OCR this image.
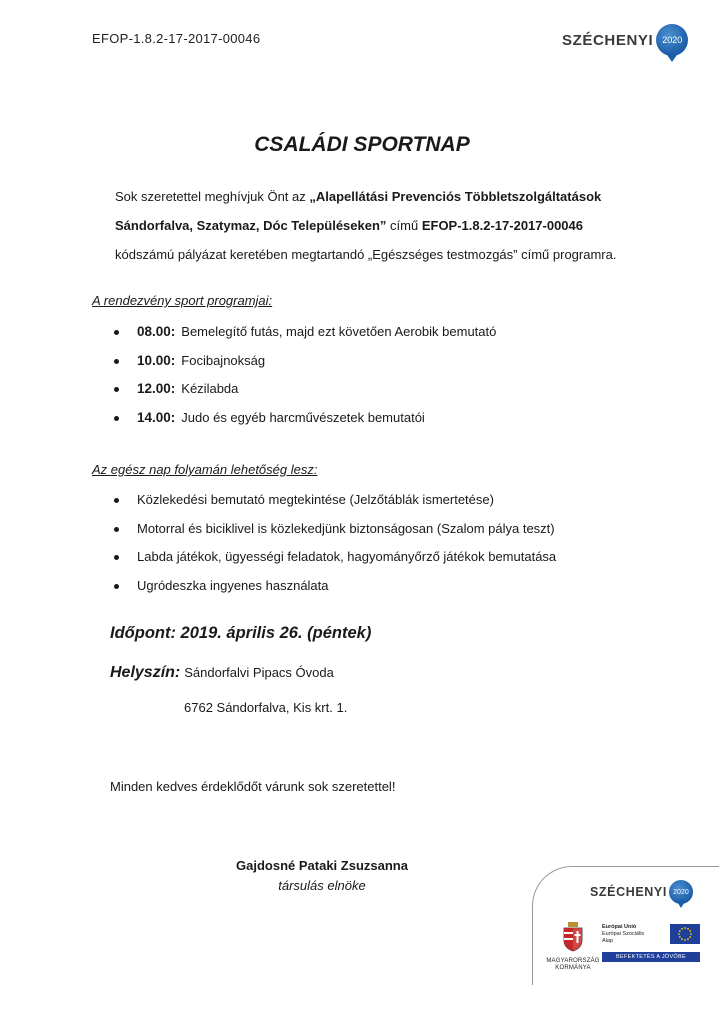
EFOP-1.8.2-17-2017-00046	SZÉCHENYI 2020
CSALÁDI SPORTNAP

Sok szeretettel meghívjuk Önt az „Alapellátási Prevenciós Többletszolgáltatások Sándorfalva, Szatymaz, Dóc Településeken” című EFOP-1.8.2-17-2017-00046 kódszámú pályázat keretében megtartandó „Egészséges testmozgás” című programra.

A rendezvény sport programjai:
08.00: Bemelegítő futás, majd ezt követően Aerobik bemutató
10.00: Focibajnokság
12.00: Kézilabda
14.00: Judo és egyéb harcművészetek bemutatói
Az egész nap folyamán lehetőség lesz:
Közlekedési bemutató megtekintése (Jelzőtáblák ismertetése)
Motorral és biciklivel is közlekedjünk biztonságosan (Szalom pálya teszt)
Labda játékok, ügyességi feladatok, hagyományőrző játékok bemutatása
Ugródeszka ingyenes használata
Időpont: 2019. április 26. (péntek)
Helyszín: Sándorfalvi Pipacs Óvoda
6762 Sándorfalva, Kis krt. 1.
Minden kedves érdeklődőt várunk sok szeretettel!
Gajdosné Pataki Zsuzsanna
társulás elnöke	SZÉCHENYI 2020
MAGYARORSZÁG
KORMÁNYA
Európai Unió
Európai Szociális
Alap
BEFEKTETÉS A JÖVŐBE
